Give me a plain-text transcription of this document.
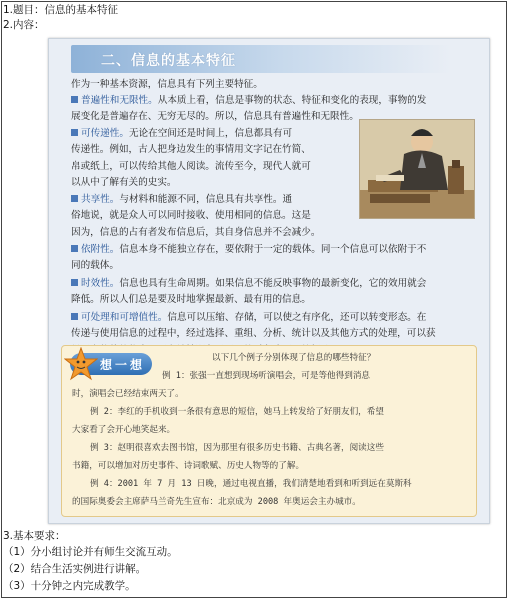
1.题目：信息的基本特征
2.内容：
二、信息的基本特征
作为一种基本资源，信息具有下列主要特征。
普遍性和无限性。从本质上看，信息是事物的状态、特征和变化的表现，事物的发
展变化是普遍存在、无穷无尽的。所以，信息具有普遍性和无限性。
可传递性。无论在空间还是时间上，信息都具有可
传递性。例如，古人把身边发生的事情用文字记在竹简、
帛或纸上，可以传给其他人阅读。流传至今，现代人就可
以从中了解有关的史实。
共享性。与材料和能源不同，信息具有共享性。通
俗地说，就是众人可以同时接收、使用相同的信息。这是
因为，信息的占有者发布信息后，其自身信息并不会减少。
依附性。信息本身不能独立存在，要依附于一定的载体。同一个信息可以依附于不
同的载体。
时效性。信息也具有生命周期。如果信息不能反映事物的最新变化，它的效用就会
降低。所以人们总是要及时地掌握最新、最有用的信息。
可处理和可增值性。信息可以压缩、存储，可以使之有序化，还可以转变形态。在
传递与使用信息的过程中，经过选择、重组、分析、统计以及其他方式的处理，可以获

想一想	以下几个例子分别体现了信息的哪些特征？
例 1：张强一直想到现场听演唱会，可是等他得到消息
时，演唱会已经结束两天了。
例 2：李红的手机收到一条很有意思的短信，她马上转发给了好朋友们，希望
大家看了会开心地笑起来。
例 3：赵明很喜欢去图书馆，因为那里有很多历史书籍、古典名著，阅读这些
书籍，可以增加对历史事件、诗词歌赋、历史人物等的了解。
例 4：2001 年 7 月 13 日晚，通过电视直播，我们清楚地看到和听到远在莫斯科
的国际奥委会主席萨马兰奇先生宣布：北京成为 2008 年奥运会主办城市。
3.基本要求：
（1）分小组讨论并有师生交流互动。
（2）结合生活实例进行讲解。
（3）十分钟之内完成教学。
